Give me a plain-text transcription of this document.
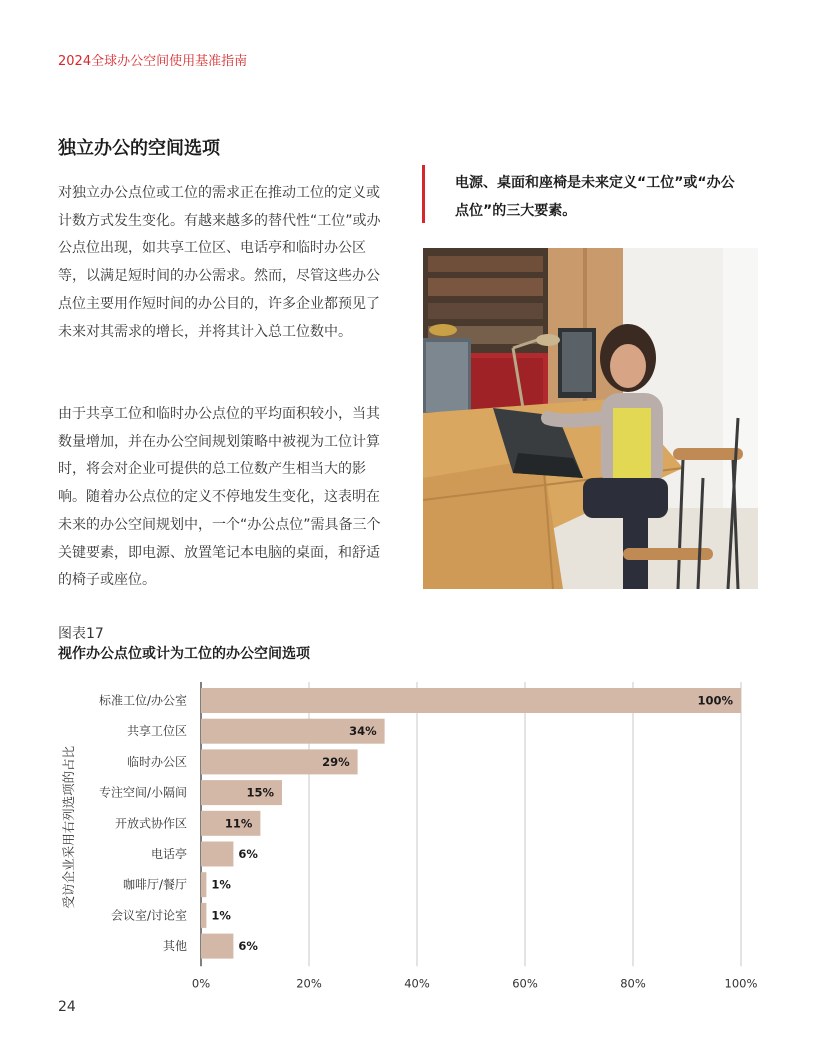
2024全球办公空间使用基准指南
独立办公的空间选项

对独立办公点位或工位的需求正在推动工位的定义或计数方式发生变化。有越来越多的替代性“工位”或办公点位出现，如共享工位区、电话亭和临时办公区等，以满足短时间的办公需求。然而，尽管这些办公点位主要用作短时间的办公目的，许多企业都预见了未来对其需求的增长，并将其计入总工位数中。

由于共享工位和临时办公点位的平均面积较小，当其数量增加，并在办公空间规划策略中被视为工位计算时，将会对企业可提供的总工位数产生相当大的影响。随着办公点位的定义不停地发生变化，这表明在未来的办公空间规划中，一个“办公点位”需具备三个关键要素，即电源、放置笔记本电脑的桌面，和舒适的椅子或座位。

电源、桌面和座椅是未来定义“工位”或“办公点位”的三大要素。
图表17
视作办公点位或计为工位的办公空间选项
0%	20%	40%	60%	80%	100%
标准工位/办公室	100%
共享工位区	34%
临时办公区	29%
专注空间/小隔间	15%
开放式协作区	11%
电话亭	6%
咖啡厅/餐厅 1%
会议室/讨论室 1%
其他	6%
受访企业采用右列选项的占比
24
